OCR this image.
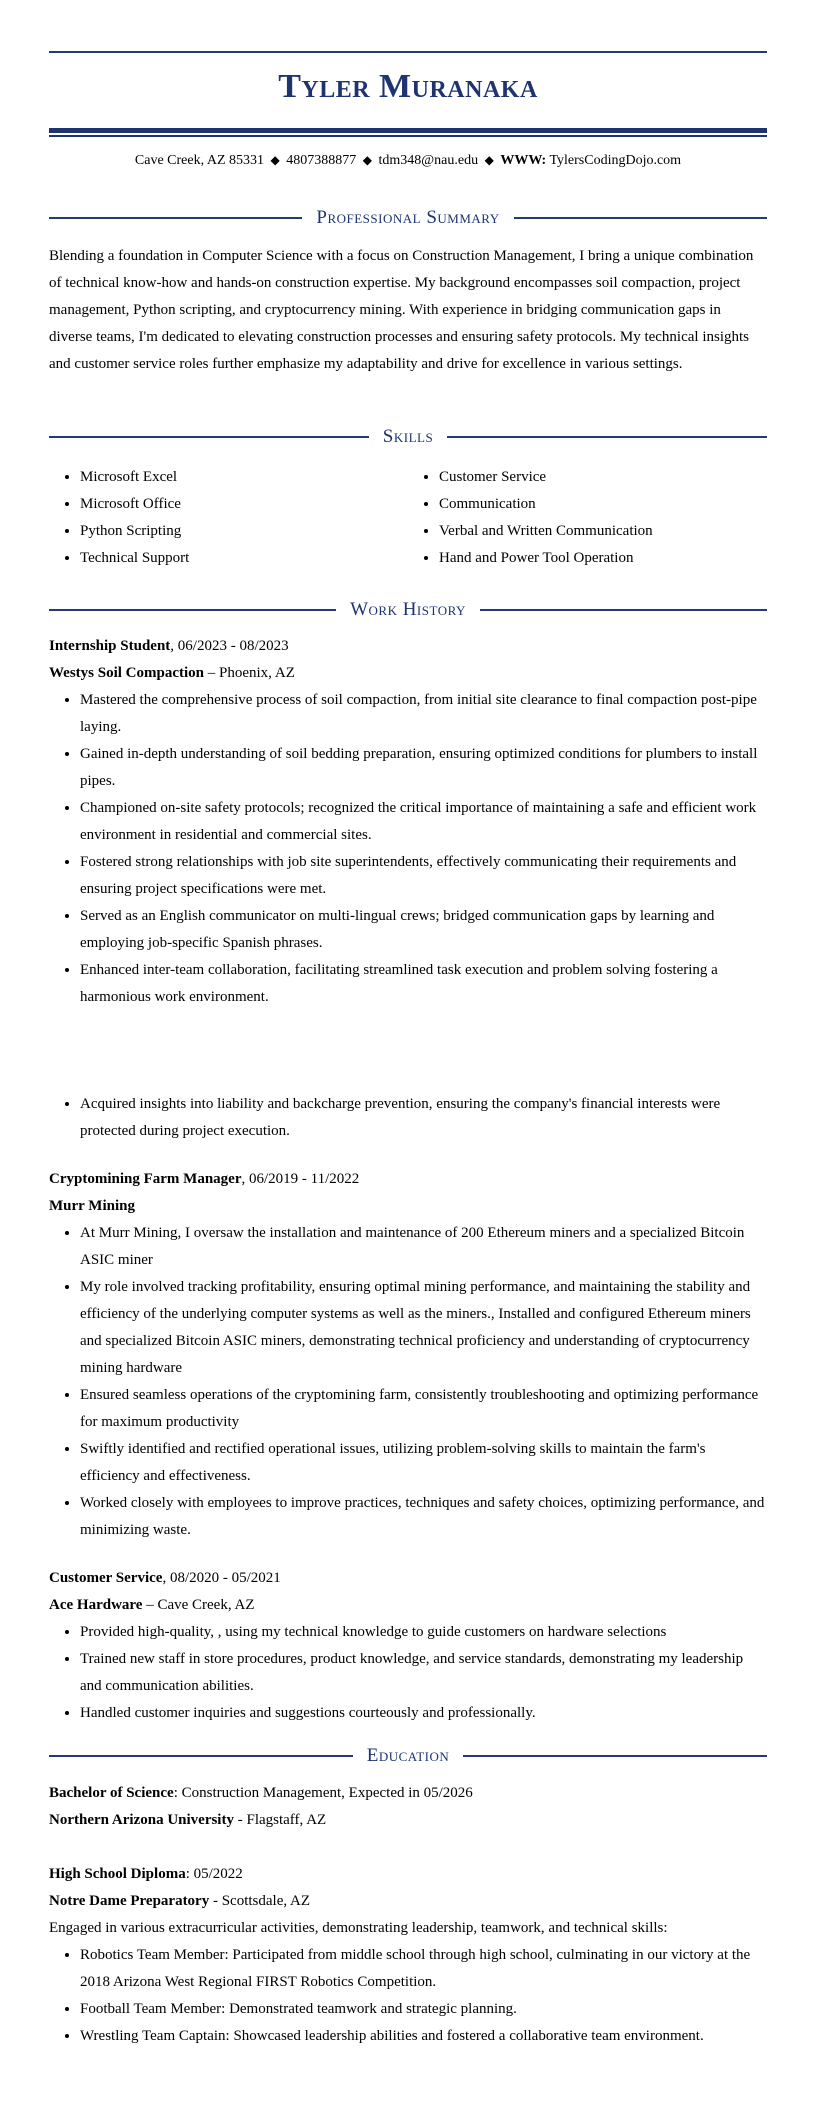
Tyler Muranaka
Cave Creek, AZ 85331 ◆ 4807388877 ◆ tdm348@nau.edu ◆ WWW: TylersCodingDojo.com
Professional Summary
Blending a foundation in Computer Science with a focus on Construction Management, I bring a unique combination of technical know-how and hands-on construction expertise. My background encompasses soil compaction, project management, Python scripting, and cryptocurrency mining. With experience in bridging communication gaps in diverse teams, I'm dedicated to elevating construction processes and ensuring safety protocols. My technical insights and customer service roles further emphasize my adaptability and drive for excellence in various settings.
Skills
• Microsoft Excel
• Microsoft Office
• Python Scripting
• Technical Support
• Customer Service
• Communication
• Verbal and Written Communication
• Hand and Power Tool Operation
Work History
Internship Student, 06/2023 - 08/2023
Westys Soil Compaction – Phoenix, AZ
• Mastered the comprehensive process of soil compaction, from initial site clearance to final compaction post-pipe laying.
• Gained in-depth understanding of soil bedding preparation, ensuring optimized conditions for plumbers to install pipes.
• Championed on-site safety protocols; recognized the critical importance of maintaining a safe and efficient work environment in residential and commercial sites.
• Fostered strong relationships with job site superintendents, effectively communicating their requirements and ensuring project specifications were met.
• Served as an English communicator on multi-lingual crews; bridged communication gaps by learning and employing job-specific Spanish phrases.
• Enhanced inter-team collaboration, facilitating streamlined task execution and problem solving fostering a harmonious work environment.
• Acquired insights into liability and backcharge prevention, ensuring the company's financial interests were protected during project execution.
Cryptomining Farm Manager, 06/2019 - 11/2022
Murr Mining
• At Murr Mining, I oversaw the installation and maintenance of 200 Ethereum miners and a specialized Bitcoin ASIC miner
• My role involved tracking profitability, ensuring optimal mining performance, and maintaining the stability and efficiency of the underlying computer systems as well as the miners., Installed and configured Ethereum miners and specialized Bitcoin ASIC miners, demonstrating technical proficiency and understanding of cryptocurrency mining hardware
• Ensured seamless operations of the cryptomining farm, consistently troubleshooting and optimizing performance for maximum productivity
• Swiftly identified and rectified operational issues, utilizing problem-solving skills to maintain the farm's efficiency and effectiveness.
• Worked closely with employees to improve practices, techniques and safety choices, optimizing performance, and minimizing waste.
Customer Service, 08/2020 - 05/2021
Ace Hardware – Cave Creek, AZ
• Provided high-quality, , using my technical knowledge to guide customers on hardware selections
• Trained new staff in store procedures, product knowledge, and service standards, demonstrating my leadership and communication abilities.
• Handled customer inquiries and suggestions courteously and professionally.
Education
Bachelor of Science: Construction Management, Expected in 05/2026
Northern Arizona University - Flagstaff, AZ
High School Diploma: 05/2022
Notre Dame Preparatory - Scottsdale, AZ
Engaged in various extracurricular activities, demonstrating leadership, teamwork, and technical skills:
• Robotics Team Member: Participated from middle school through high school, culminating in our victory at the 2018 Arizona West Regional FIRST Robotics Competition.
• Football Team Member: Demonstrated teamwork and strategic planning.
• Wrestling Team Captain: Showcased leadership abilities and fostered a collaborative team environment.
